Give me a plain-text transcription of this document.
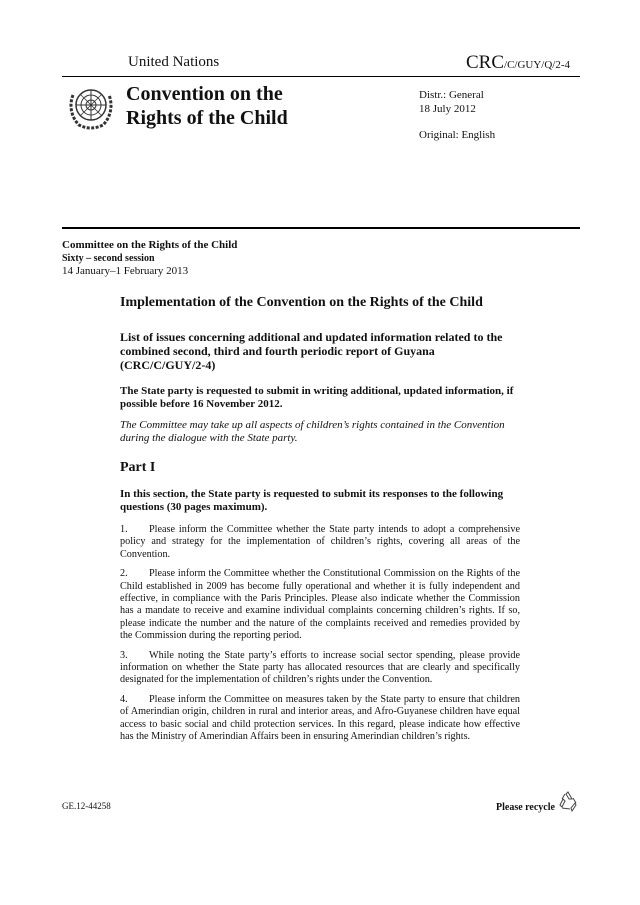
United Nations	CRC/C/GUY/Q/2-4
Convention on the
Rights of the Child
Distr.: General
18 July 2012
Original: English
Committee on the Rights of the Child
Sixty – second session
14 January–1 February 2013
Implementation of the Convention on the Rights of the Child
List of issues concerning additional and updated information related to the combined second, third and fourth periodic report of Guyana (CRC/C/GUY/2-4)
The State party is requested to submit in writing additional, updated information, if possible before 16 November 2012.
The Committee may take up all aspects of children’s rights contained in the Convention during the dialogue with the State party.
Part I
In this section, the State party is requested to submit its responses to the following questions (30 pages maximum).

1. Please inform the Committee whether the State party intends to adopt a comprehensive policy and strategy for the implementation of children’s rights, covering all areas of the Convention.

2. Please inform the Committee whether the Constitutional Commission on the Rights of the Child established in 2009 has become fully operational and whether it is fully independent and effective, in compliance with the Paris Principles. Please also indicate whether the Commission has a mandate to receive and examine individual complaints concerning children’s rights. If so, please indicate the number and the nature of the complaints received and remedies provided by the Commission during the reporting period.

3. While noting the State party’s efforts to increase social sector spending, please provide information on whether the State party has allocated resources that are clearly and specifically designated for the implementation of children’s rights under the Convention.

4. Please inform the Committee on measures taken by the State party to ensure that children of Amerindian origin, children in rural and interior areas, and Afro-Guyanese children have equal access to basic social and child protection services. In this regard, please indicate how effective has the Ministry of Amerindian Affairs been in ensuring Amerindian children’s rights.

GE.12-44258	Please recycle
